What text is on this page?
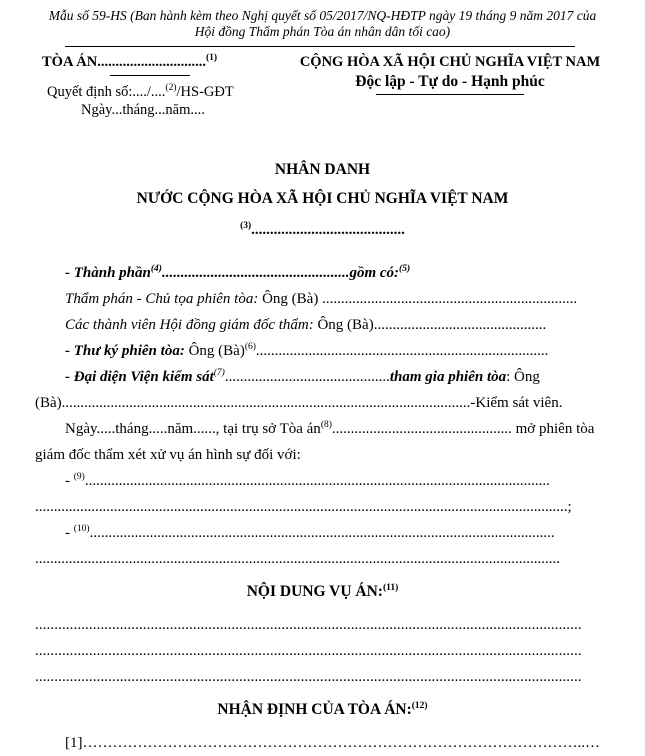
Mẫu số 59-HS (Ban hành kèm theo Nghị quyết số 05/2017/NQ-HĐTP ngày 19 tháng 9 năm 2017 của
Hội đồng Thẩm phán Tòa án nhân dân tối cao)
TÒA ÁN..............................$^{(1)}$
Quyết định số:..../....$^{(2)}$/HS-GĐT
Ngày...tháng...năm....
CỘNG HÒA XÃ HỘI CHỦ NGHĨA VIỆT NAM
Độc lập - Tự do - Hạnh phúc
NHÂN DANH
NƯỚC CỘNG HÒA XÃ HỘI CHỦ NGHĨA VIỆT NAM
$^{(3)}$.........................................

- Thành phần$^{(4)}$..................................................gồm có:$^{(5)}$

Thẩm phán - Chủ tọa phiên tòa: Ông (Bà) ....................................................................

Các thành viên Hội đồng giám đốc thẩm: Ông (Bà)..............................................

- Thư ký phiên tòa: Ông (Bà)$^{(6)}$..............................................................................

- Đại diện Viện kiểm sát$^{(7)}$............................................tham gia phiên tòa: Ông (Bà).............................................................................................................-Kiểm sát viên.

Ngày.....tháng.....năm......, tại trụ sở Tòa $án^{(8)}$................................................ mở phiên tòa giám đốc thẩm xét xử vụ án hình sự đối với:

- $^{(9)}$............................................................................................................................

..............................................................................................................................................;

- $^{(10)}$............................................................................................................................

............................................................................................................................................

NỘI DUNG VỤ ÁN:$^{(11)}$

..............................................................................................................................................

..............................................................................................................................................

..............................................................................................................................................

NHẬN ĐỊNH CỦA TÒA ÁN:$^{(12)}$

[1]………………………………………………………………………………………..…
